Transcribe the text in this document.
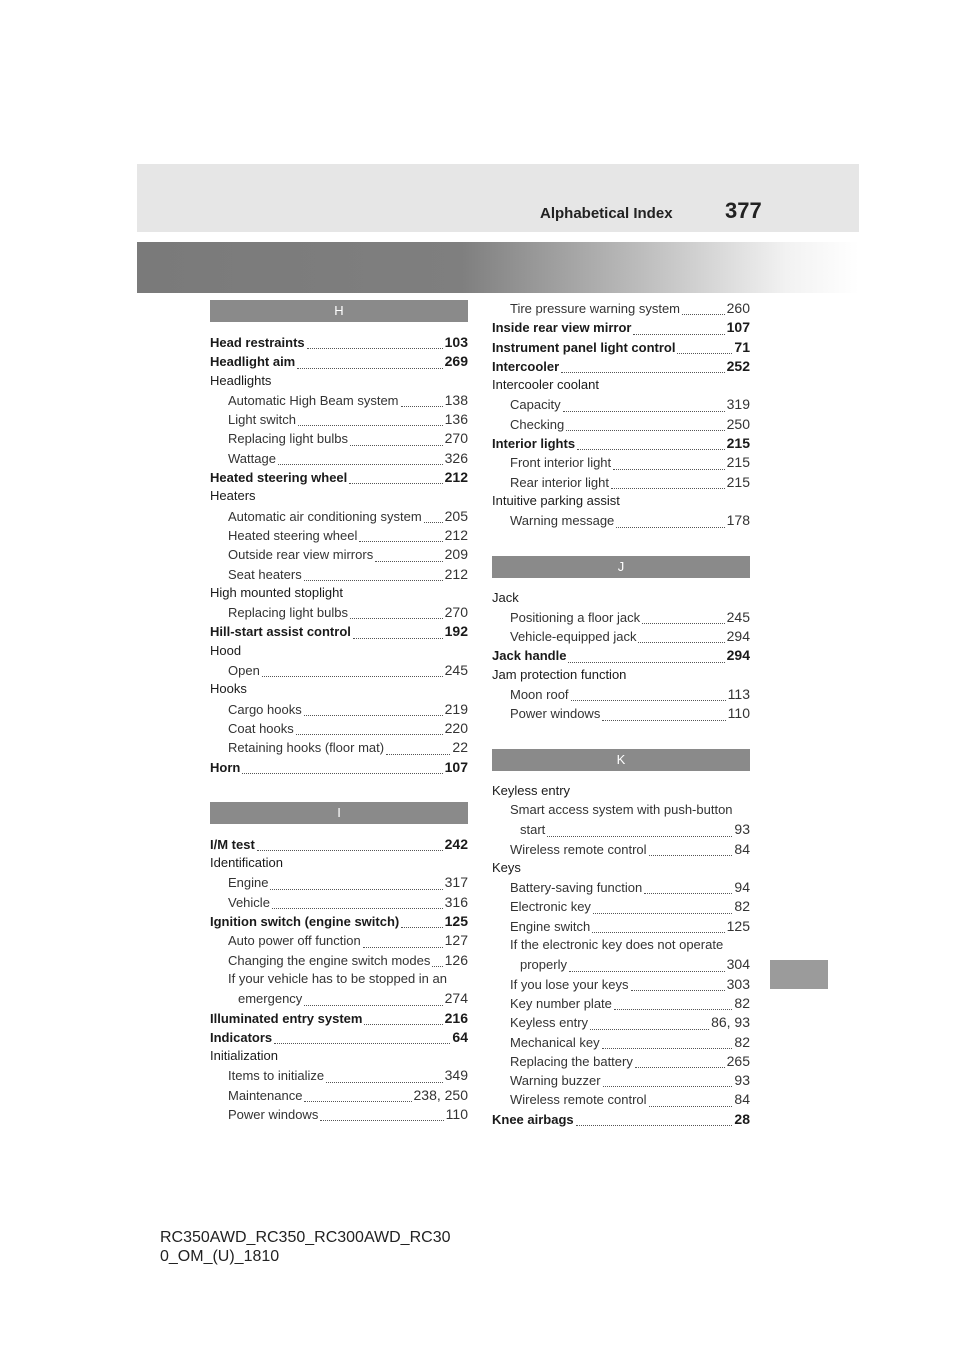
Alphabetical Index 377
H
Head restraints	103
Headlight aim	269
Headlights
Automatic High Beam system	138
Light switch	136
Replacing light bulbs	270
Wattage	326
Heated steering wheel	212
Heaters
Automatic air conditioning system 205
Heated steering wheel	212
Outside rear view mirrors	209
Seat heaters	212
High mounted stoplight
Replacing light bulbs	270
Hill-start assist control	192
Hood
Open	245
Hooks
Cargo hooks	219
Coat hooks	220
Retaining hooks (floor mat)	22
Horn	107
I
I/M test	242
Identification
Engine	317
Vehicle	316
Ignition switch (engine switch)	125
Auto power off function	127
Changing the engine switch modes 126
If your vehicle has to be stopped in an
emergency	274
Illuminated entry system	216
Indicators	64
Initialization
Items to initialize	349
Maintenance	238, 250
Power windows	110
Tire pressure warning system	260
Inside rear view mirror	107
Instrument panel light control	71
Intercooler	252
Intercooler coolant
Capacity	319
Checking	250
Interior lights	215
Front interior light	215
Rear interior light	215
Intuitive parking assist
Warning message	178
J
Jack
Positioning a floor jack	245
Vehicle-equipped jack	294
Jack handle	294
Jam protection function
Moon roof	113
Power windows	110
K
Keyless entry
Smart access system with push-button
start	93
Wireless remote control	84
Keys
Battery-saving function	94
Electronic key	82
Engine switch	125
If the electronic key does not operate
properly	304
If you lose your keys	303
Key number plate	82
Keyless entry	86, 93
Mechanical key	82
Replacing the battery	265
Warning buzzer	93
Wireless remote control	84
Knee airbags	28
RC350AWD_RC350_RC300AWD_RC30
0_OM_(U)_1810
